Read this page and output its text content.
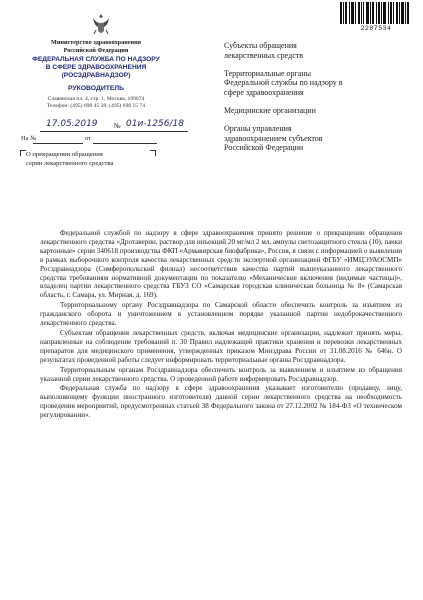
2287534
Министерство здравоохранения
Российской Федерации
ФЕДЕРАЛЬНАЯ СЛУЖБА ПО НАДЗОРУ
В СФЕРЕ ЗДРАВООХРАНЕНИЯ
(РОСЗДРАВНАДЗОР)
РУКОВОДИТЕЛЬ
Славянская пл. 4, стр. 1, Москва, 109074
Телефон: (495) 698 45 38; (495) 698 15 74
17.05.2019 № 01и-1256/18
На №	от
О прекращении обращения
серии лекарственного средства
Субъекты обращения
лекарственных средств
Территориальные органы
Федеральной службы по надзору в
сфере здравоохранения
Медицинские организации
Органы управления
здравоохранением субъектов
Российской Федерации

Федеральной службой по надзору в сфере здравоохранения принято решение о прекращении обращения лекарственного средства «Дротаверин, раствор для инъекций 20 мг/мл 2 мл, ампулы светозащитного стекла (10), пачки картонные» серии 340618 производства ФКП «Армавирская биофабрика», Россия, в связи с информацией о выявлении в рамках выборочного контроля качества лекарственных средств экспертной организацией ФГБУ «ИМЦЭУАОСМП» Росздравнадзора (Симферопольский филиал) несоответствия качества партий вышеуказанного лекарственного средства требованиям нормативной документации по показателю «Механические включения (видимые частицы)», владелец партии лекарственного средства ГБУЗ СО «Самарская городская клиническая больница № 8» (Самарская область, г. Самара, ул. Мирная, д. 169).

Территориальному органу Росздравнадзора по Самарской области обеспечить контроль за изъятием из гражданского оборота и уничтожением в установленном порядке указанной партии недоброкачественного лекарственного средства.

Субъектам обращения лекарственных средств, включая медицинские организации, надлежит принять меры, направленные на соблюдение требований п. 30 Правил надлежащей практики хранения и перевозки лекарственных препаратов для медицинского применения, утвержденных приказом Минздрава России от 31.08.2016 № 646н. О результатах проведенной работы следует информировать территориальные органы Росздравнадзора.

Территориальным органам Росздравнадзора обеспечить контроль за выявлением и изъятием из обращения указанной серии лекарственного средства. О проведенной работе информировать Росздравнадзор.

Федеральная служба по надзору в сфере здравоохранения указывает изготовителю (продавцу, лицу, выполняющему функции иностранного изготовителя) данной серии лекарственного средства на необходимость проведения мероприятий, предусмотренных статьей 38 Федерального закона от 27.12.2002 № 184-ФЗ «О техническом регулировании».
